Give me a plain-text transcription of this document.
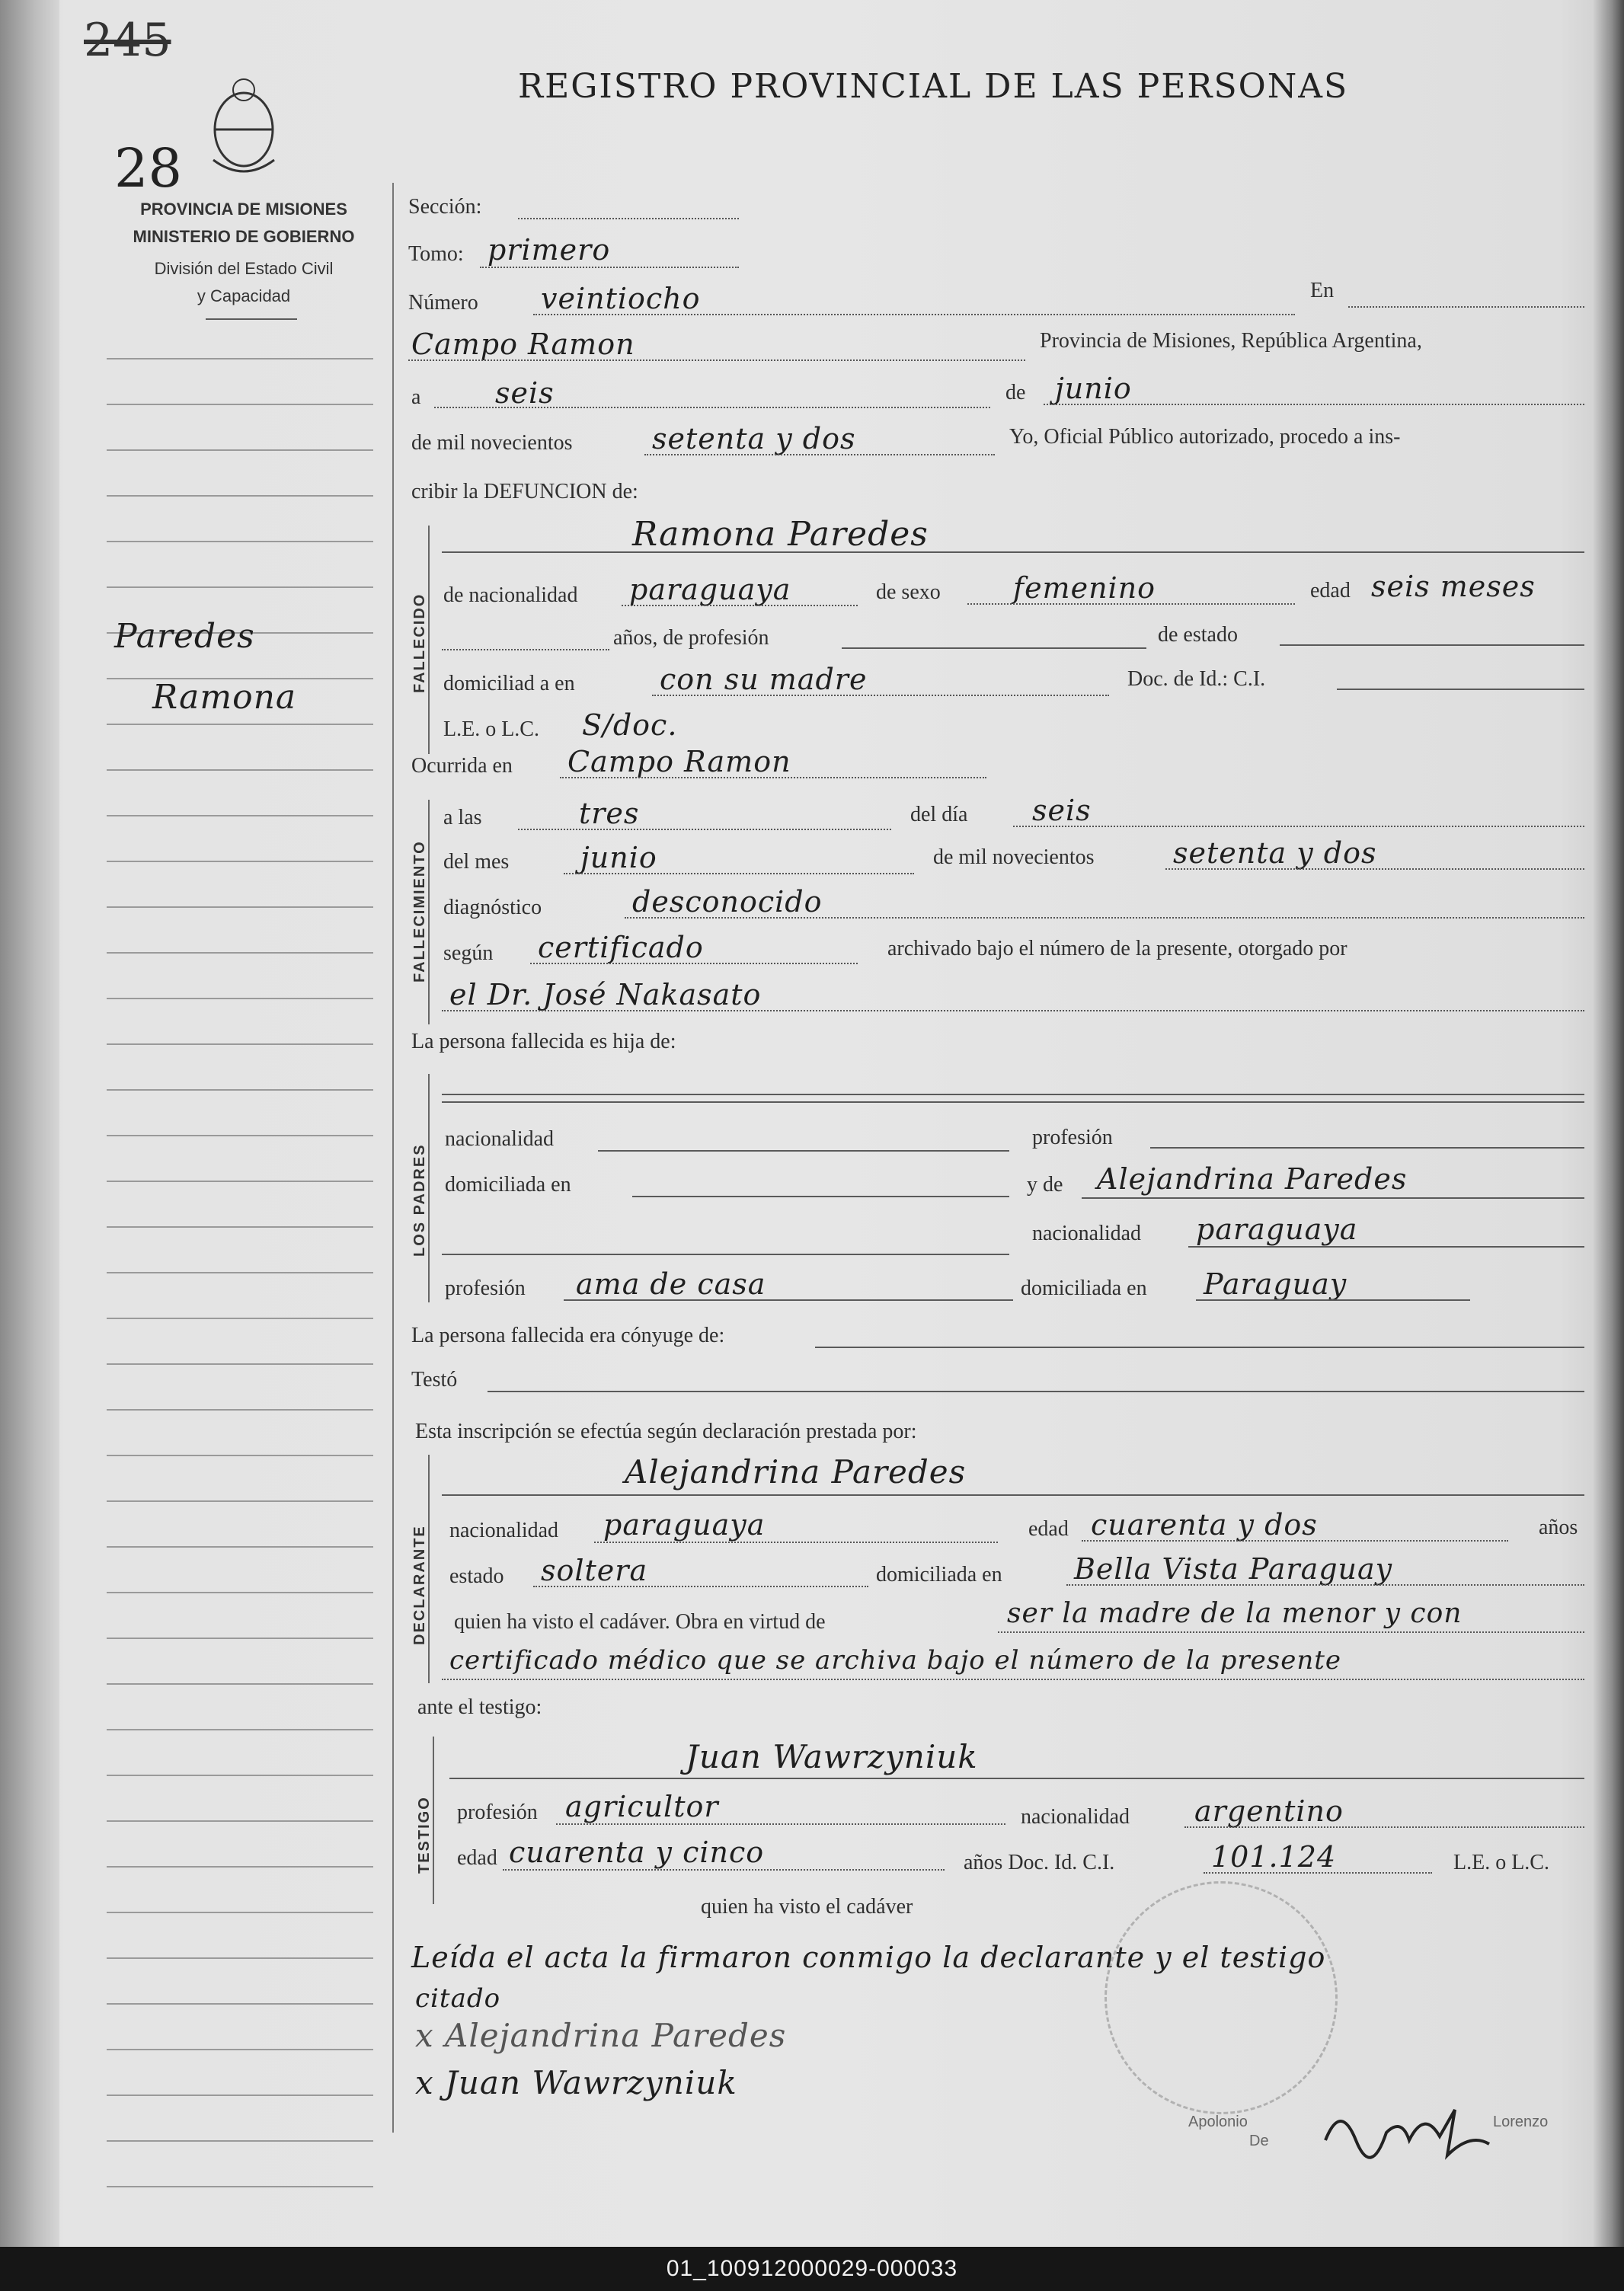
245
28
PROVINCIA DE MISIONES
MINISTERIO DE GOBIERNO
División del Estado Civil
y Capacidad
REGISTRO PROVINCIAL DE LAS PERSONAS
Paredes
Ramona
Sección:
Tomo: primero
Número veintiocho	En
Campo Ramon	Provincia de Misiones, República Argentina,
a	seis	de junio
de mil novecientos	setenta y dos	Yo, Oficial Público autorizado, procedo a ins-
cribir la DEFUNCION de:
FALLECIDO
Ramona Paredes
de nacionalidad paraguaya	de sexo	femenino	edad seis meses
años, de profesión	de estado
domiciliad a en	con su madre	Doc. de Id.: C.I.
L.E. o L.C. S/doc.
Ocurrida en Campo Ramon
FALLECIMIENTO
a las	tres	del día seis
del mes junio	de mil novecientos	setenta y dos
diagnóstico	desconocido
según certificado	archivado bajo el número de la presente, otorgado por
el Dr. José Nakasato
La persona fallecida es hija de:
LOS PADRES
nacionalidad	profesión
domiciliada en	y de Alejandrina Paredes
nacionalidad paraguaya
profesión ama de casa	domiciliada en Paraguay
La persona fallecida era cónyuge de:
Testó
Esta inscripción se efectúa según declaración prestada por:
DECLARANTE
Alejandrina Paredes
nacionalidad paraguaya	edad cuarenta y dos	años
estado soltera	domiciliada en Bella Vista Paraguay
quien ha visto el cadáver. Obra en virtud de	ser la madre de la menor y con
certificado médico que se archiva bajo el número de la presente
ante el testigo:
TESTIGO
Juan Wawrzyniuk
profesión agricultor	nacionalidad argentino
edad cuarenta y cinco	años Doc. Id. C.I.	101.124	L.E. o L.C.
quien ha visto el cadáver
Leída el acta la firmaron conmigo la declarante y el testigo
citado
x Alejandrina Paredes
x Juan Wawrzyniuk
Apolonio
De
Lorenzo
01_100912000029-000033
